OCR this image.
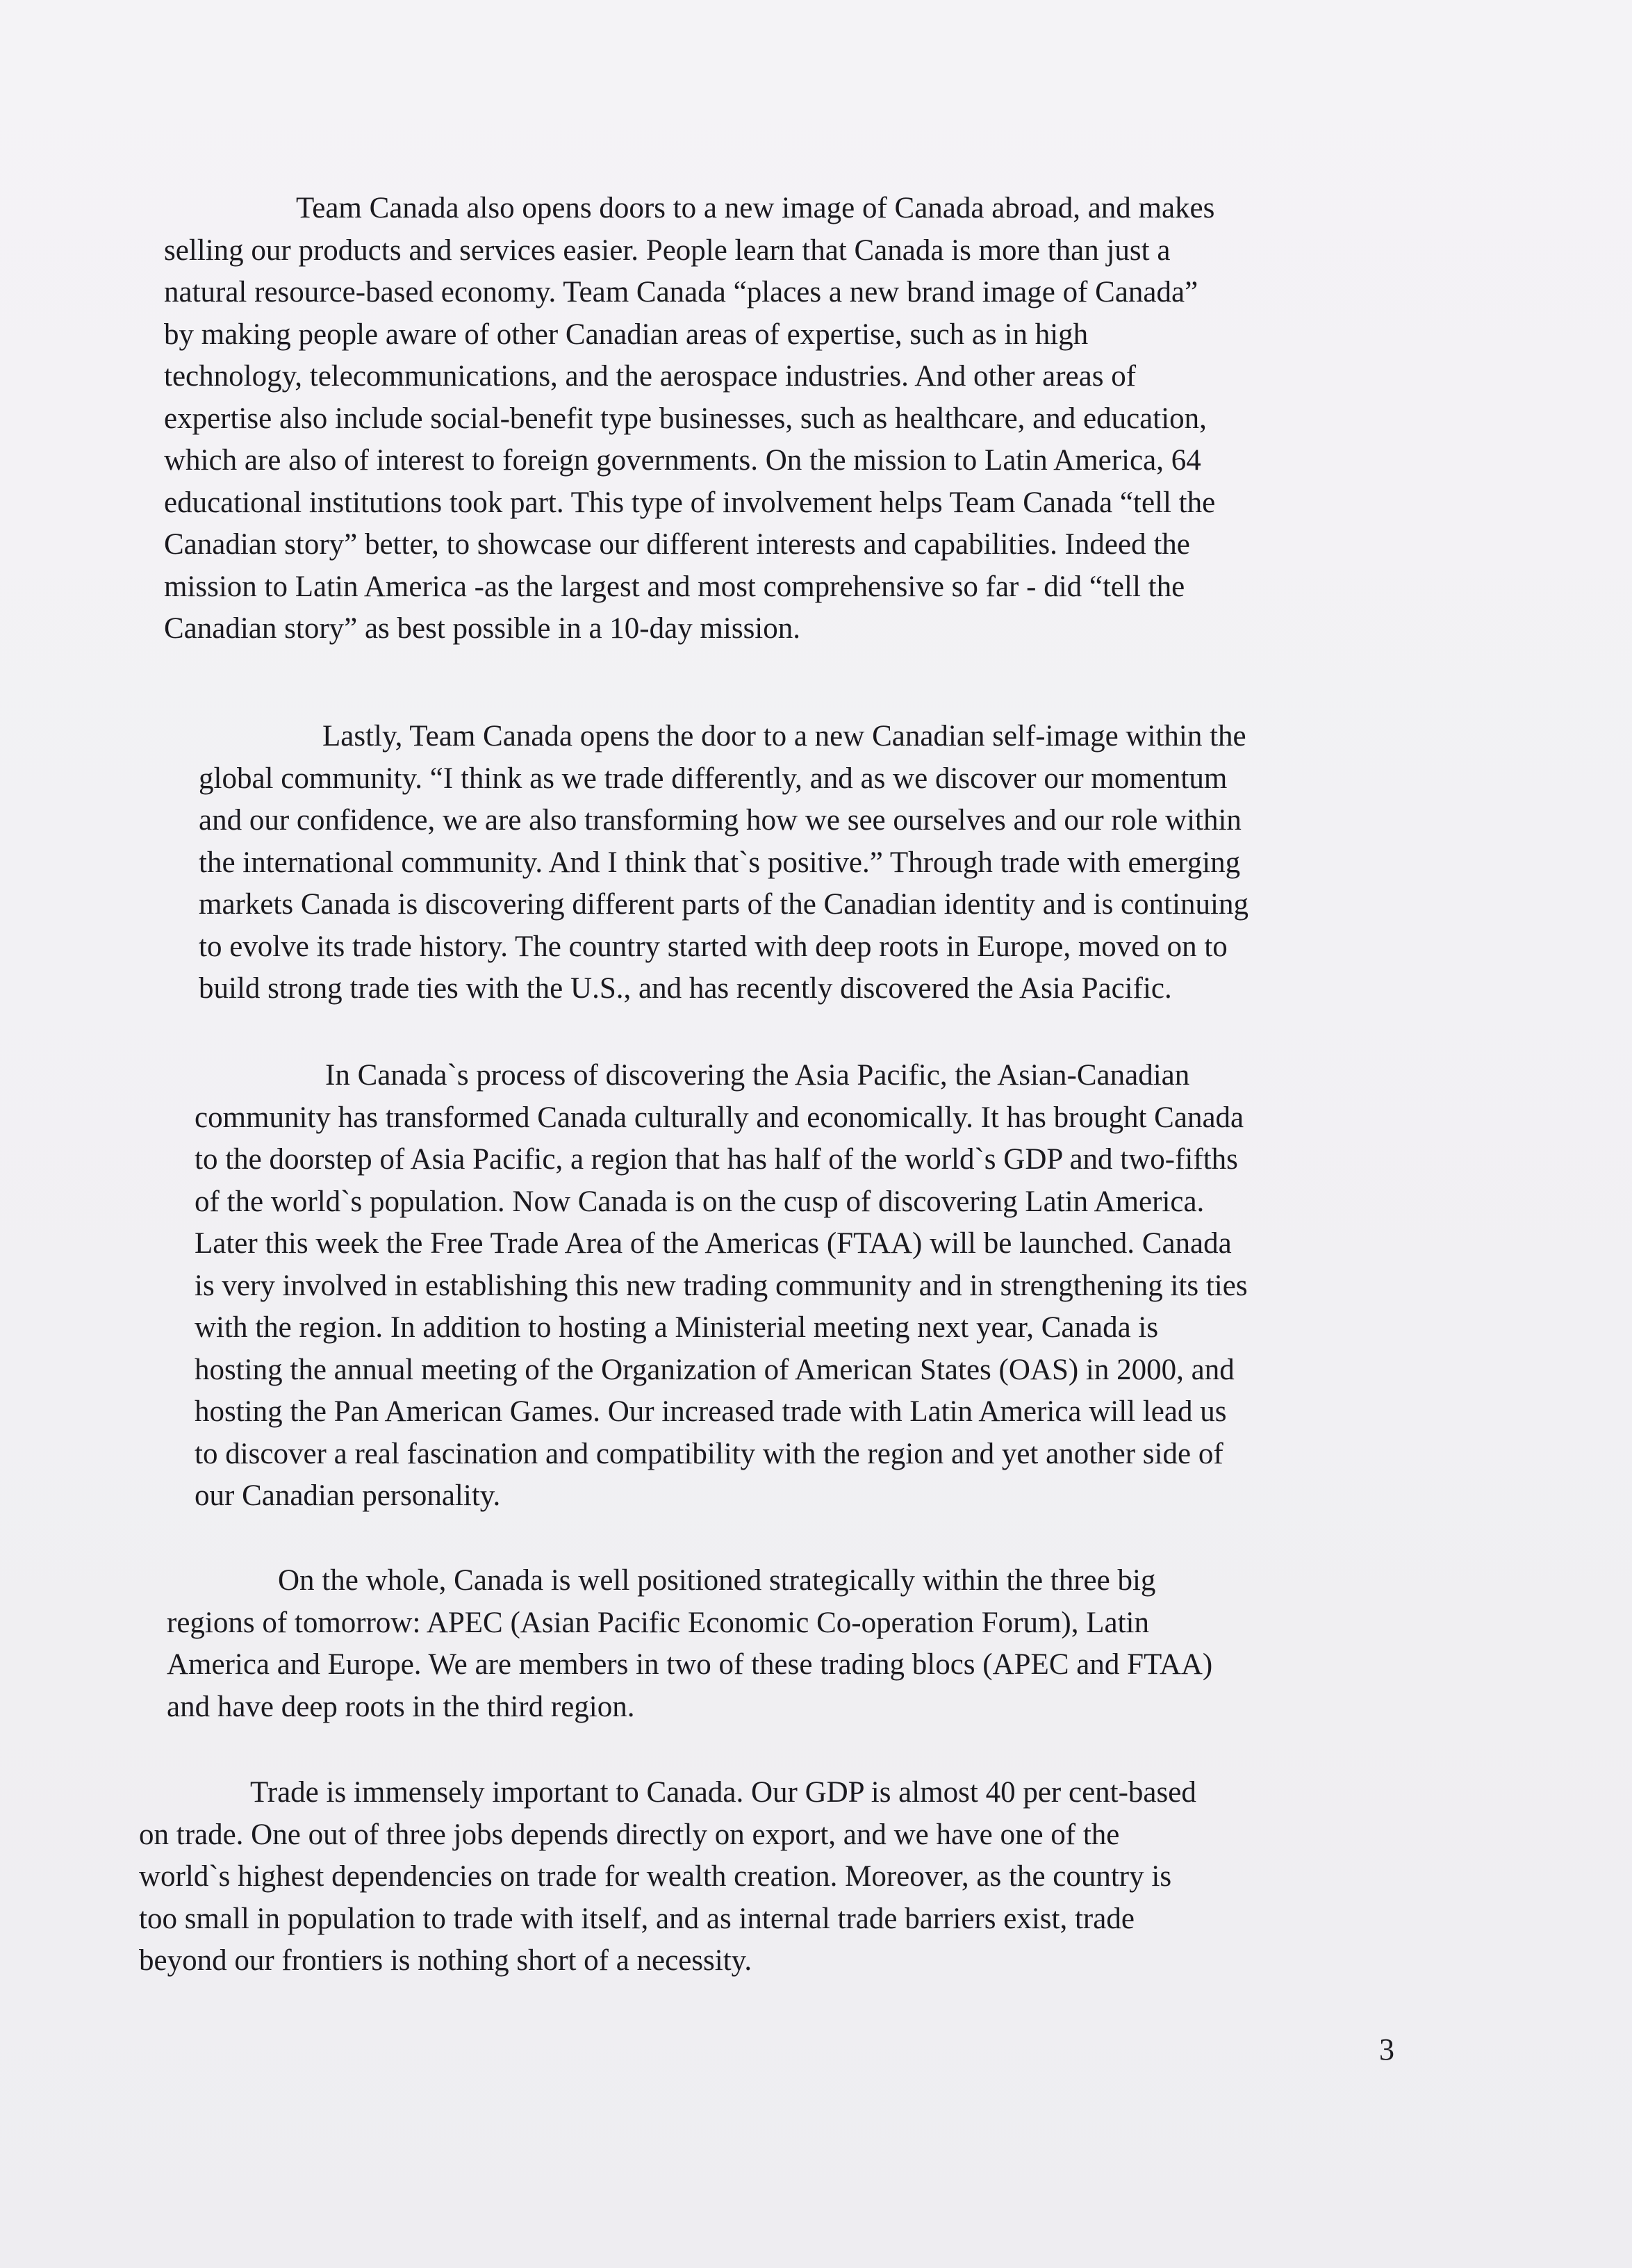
Team Canada also opens doors to a new image of Canada abroad, and makes
selling our products and services easier. People learn that Canada is more than just a
natural resource-based economy. Team Canada “places a new brand image of Canada”
by making people aware of other Canadian areas of expertise, such as in high
technology, telecommunications, and the aerospace industries. And other areas of
expertise also include social-benefit type businesses, such as healthcare, and education,
which are also of interest to foreign governments. On the mission to Latin America, 64
educational institutions took part. This type of involvement helps Team Canada “tell the
Canadian story” better, to showcase our different interests and capabilities. Indeed the
mission to Latin America -as the largest and most comprehensive so far - did “tell the
Canadian story” as best possible in a 10-day mission.
Lastly, Team Canada opens the door to a new Canadian self-image within the
global community. “I think as we trade differently, and as we discover our momentum
and our confidence, we are also transforming how we see ourselves and our role within
the international community. And I think that`s positive.” Through trade with emerging
markets Canada is discovering different parts of the Canadian identity and is continuing
to evolve its trade history. The country started with deep roots in Europe, moved on to
build strong trade ties with the U.S., and has recently discovered the Asia Pacific.
In Canada`s process of discovering the Asia Pacific, the Asian-Canadian
community has transformed Canada culturally and economically. It has brought Canada
to the doorstep of Asia Pacific, a region that has half of the world`s GDP and two-fifths
of the world`s population. Now Canada is on the cusp of discovering Latin America.
Later this week the Free Trade Area of the Americas (FTAA) will be launched. Canada
is very involved in establishing this new trading community and in strengthening its ties
with the region. In addition to hosting a Ministerial meeting next year, Canada is
hosting the annual meeting of the Organization of American States (OAS) in 2000, and
hosting the Pan American Games. Our increased trade with Latin America will lead us
to discover a real fascination and compatibility with the region and yet another side of
our Canadian personality.
On the whole, Canada is well positioned strategically within the three big
regions of tomorrow: APEC (Asian Pacific Economic Co-operation Forum), Latin
America and Europe. We are members in two of these trading blocs (APEC and FTAA)
and have deep roots in the third region.
Trade is immensely important to Canada. Our GDP is almost 40 per cent-based
on trade. One out of three jobs depends directly on export, and we have one of the
world`s highest dependencies on trade for wealth creation. Moreover, as the country is
too small in population to trade with itself, and as internal trade barriers exist, trade
beyond our frontiers is nothing short of a necessity.
3
